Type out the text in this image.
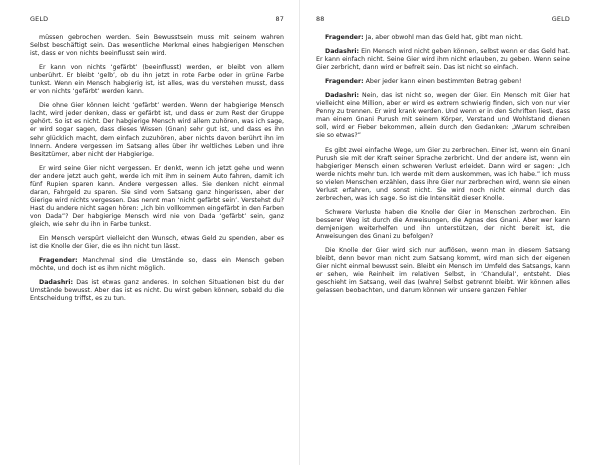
GELD	87

müssen gebrochen werden. Sein Bewusstsein muss mit seinem wahren Selbst beschäftigt sein. Das wesentliche Merkmal eines habgierigen Menschen ist, dass er von nichts beeinflusst sein wird.

Er kann von nichts ‘gefärbt’ (beeinflusst) werden, er bleibt von allem unberührt. Er bleibt ‘gelb’, ob du ihn jetzt in rote Farbe oder in grüne Farbe tunkst. Wenn ein Mensch habgierig ist, ist alles, was du verstehen musst, dass er von nichts ‘gefärbt’ werden kann.

Die ohne Gier können leicht ‘gefärbt’ werden. Wenn der habgierige Mensch lacht, wird jeder denken, dass er gefärbt ist, und dass er zum Rest der Gruppe gehört. So ist es nicht. Der habgierige Mensch wird allem zuhören, was ich sage, er wird sogar sagen, dass dieses Wissen (Gnan) sehr gut ist, und dass es ihn sehr glücklich macht, dem einfach zuzuhören, aber nichts davon berührt ihn im Innern. Andere vergessen im Satsang alles über ihr weltliches Leben und ihre Besitztümer, aber nicht der Habgierige.

Er wird seine Gier nicht vergessen. Er denkt, wenn ich jetzt gehe und wenn der andere jetzt auch geht, werde ich mit ihm in seinem Auto fahren, damit ich fünf Rupien sparen kann. Andere vergessen alles. Sie denken nicht einmal daran, Fahrgeld zu sparen. Sie sind vom Satsang ganz hingerissen, aber der Gierige wird nichts vergessen. Das nennt man ‘nicht gefärbt sein’. Verstehst du? Hast du andere nicht sagen hören: „Ich bin vollkommen eingefärbt in den Farben von Dada”? Der habgierige Mensch wird nie von Dada ‘gefärbt’ sein, ganz gleich, wie sehr du ihn in Farbe tunkst.

Ein Mensch verspürt vielleicht den Wunsch, etwas Geld zu spenden, aber es ist die Knolle der Gier, die es ihn nicht tun lässt.

Fragender: Manchmal sind die Umstände so, dass ein Mensch geben möchte, und doch ist es ihm nicht möglich.

Dadashri: Das ist etwas ganz anderes. In solchen Situationen bist du der Umstände bewusst. Aber das ist es nicht. Du wirst geben können, sobald du die Entscheidung triffst, es zu tun.

88	GELD

Fragender: Ja, aber obwohl man das Geld hat, gibt man nicht.

Dadashri: Ein Mensch wird nicht geben können, selbst wenn er das Geld hat. Er kann einfach nicht. Seine Gier wird ihm nicht erlauben, zu geben. Wenn seine Gier zerbricht, dann wird er befreit sein. Das ist nicht so einfach.

Fragender: Aber jeder kann einen bestimmten Betrag geben!

Dadashri: Nein, das ist nicht so, wegen der Gier. Ein Mensch mit Gier hat vielleicht eine Million, aber er wird es extrem schwierig finden, sich von nur vier Penny zu trennen. Er wird krank werden. Und wenn er in den Schriften liest, dass man einem Gnani Purush mit seinem Körper, Verstand und Wohlstand dienen soll, wird er Fieber bekommen, allein durch den Gedanken: „Warum schreiben sie so etwas?”

Es gibt zwei einfache Wege, um Gier zu zerbrechen. Einer ist, wenn ein Gnani Purush sie mit der Kraft seiner Sprache zerbricht. Und der andere ist, wenn ein habgieriger Mensch einen schweren Verlust erleidet. Dann wird er sagen: „Ich werde nichts mehr tun. Ich werde mit dem auskommen, was ich habe.” Ich muss so vielen Menschen erzählen, dass ihre Gier nur zerbrechen wird, wenn sie einen Verlust erfahren, und sonst nicht. Sie wird noch nicht einmal durch das zerbrechen, was ich sage. So ist die Intensität dieser Knolle.

Schwere Verluste haben die Knolle der Gier in Menschen zerbrochen. Ein besserer Weg ist durch die Anweisungen, die Agnas des Gnani. Aber wer kann demjenigen weiterhelfen und ihn unterstützen, der nicht bereit ist, die Anweisungen des Gnani zu befolgen?

Die Knolle der Gier wird sich nur auflösen, wenn man in diesem Satsang bleibt, denn bevor man nicht zum Satsang kommt, wird man sich der eigenen Gier nicht einmal bewusst sein. Bleibt ein Mensch im Umfeld des Satsangs, kann er sehen, wie Reinheit im relativen Selbst, in ‘Chandulal’, entsteht. Dies geschieht im Satsang, weil das (wahre) Selbst getrennt bleibt. Wir können alles gelassen beobachten, und darum können wir unsere ganzen Fehler
